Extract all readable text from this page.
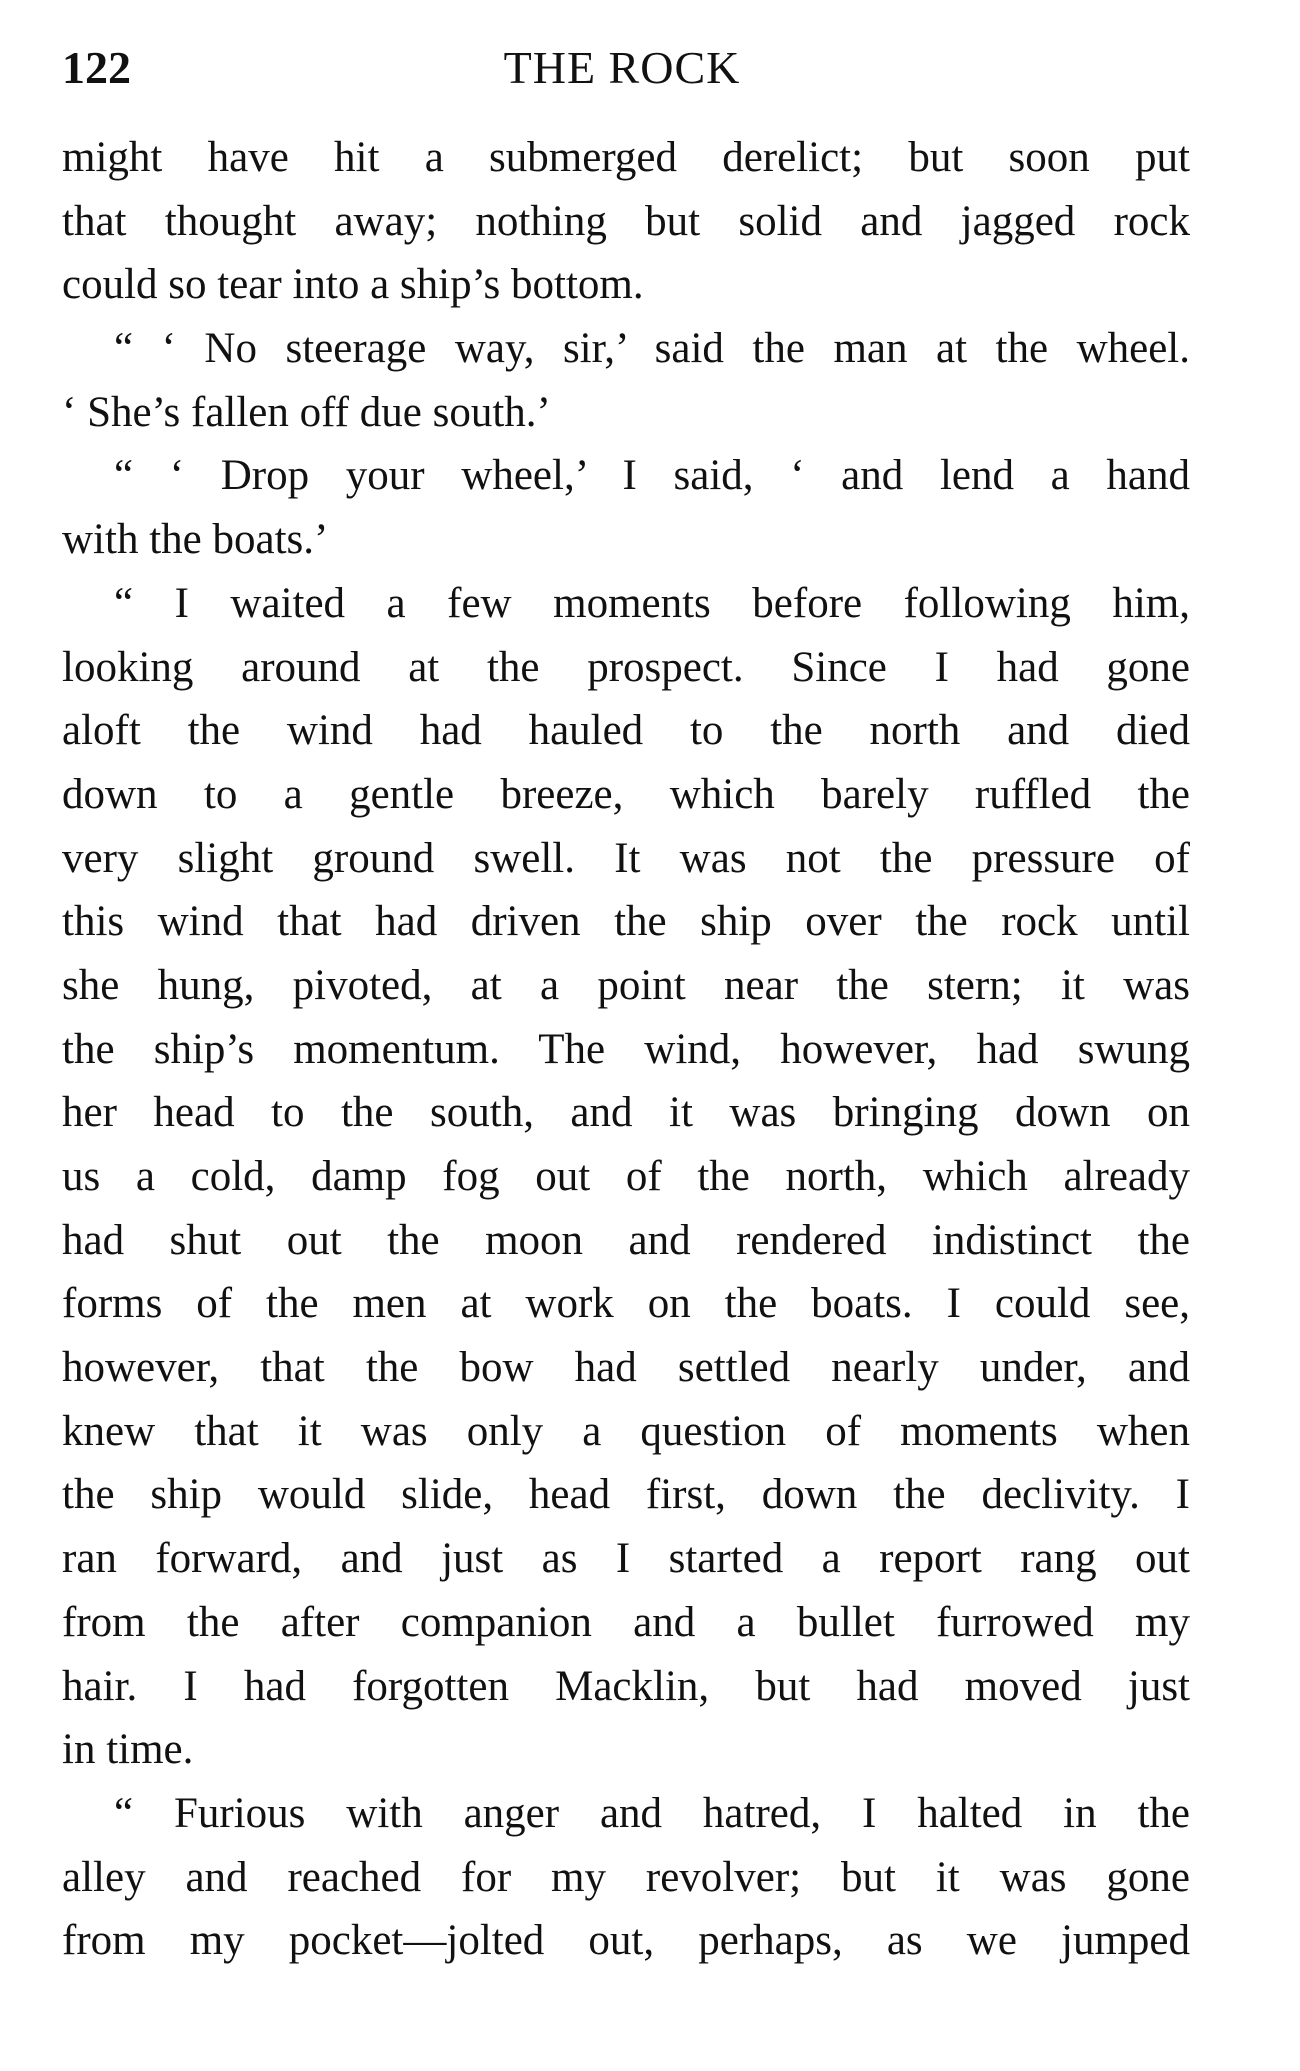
122	THE ROCK

might have hit a submerged derelict; but soon put
that thought away; nothing but solid and jagged rock
could so tear into a ship’s bottom.

“ ‘ No steerage way, sir,’ said the man at the wheel.
‘ She’s fallen off due south.’

“ ‘ Drop your wheel,’ I said, ‘ and lend a hand
with the boats.’

“ I waited a few moments before following him,
looking around at the prospect. Since I had gone
aloft the wind had hauled to the north and died
down to a gentle breeze, which barely ruffled the
very slight ground swell. It was not the pressure of
this wind that had driven the ship over the rock until
she hung, pivoted, at a point near the stern; it was
the ship’s momentum. The wind, however, had swung
her head to the south, and it was bringing down on
us a cold, damp fog out of the north, which already
had shut out the moon and rendered indistinct the
forms of the men at work on the boats. I could see,
however, that the bow had settled nearly under, and
knew that it was only a question of moments when
the ship would slide, head first, down the declivity. I
ran forward, and just as I started a report rang out
from the after companion and a bullet furrowed my
hair. I had forgotten Macklin, but had moved just
in time.

“ Furious with anger and hatred, I halted in the
alley and reached for my revolver; but it was gone
from my pocket—jolted out, perhaps, as we jumped
